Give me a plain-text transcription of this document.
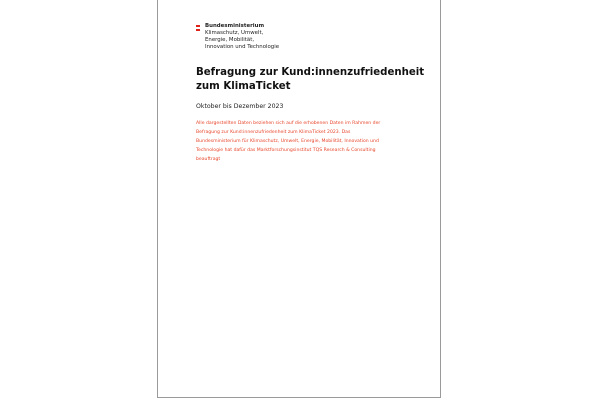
Bundesministerium
Klimaschutz, Umwelt,
Energie, Mobilität,
Innovation und Technologie
Befragung zur Kund:innenzufriedenheit
zum KlimaTicket
Oktober bis Dezember 2023

Alle dargestellten Daten beziehen sich auf die erhobenen Daten im Rahmen der
Befragung zur Kund:innenzufriedenheit zum KlimaTicket 2023. Das
Bundesministerium für Klimaschutz, Umwelt, Energie, Mobilität, Innovation und
Technologie hat dafür das Marktforschungsinstitut TQS Research & Consulting
beauftragt
